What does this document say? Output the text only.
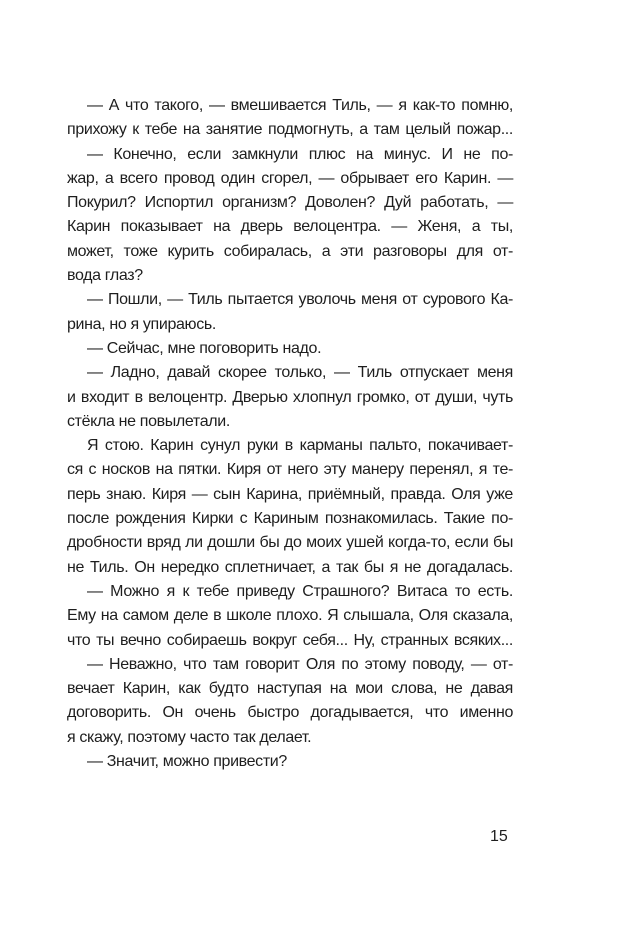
— А что такого, — вмешивается Тиль, — я как-то помню,
прихожу к тебе на занятие подмогнуть, а там целый пожар...
— Конечно, если замкнули плюс на минус. И не по-
жар, а всего провод один сгорел, — обрывает его Карин. —
Покурил? Испортил организм? Доволен? Дуй работать, —
Карин показывает на дверь велоцентра. — Женя, а ты,
может, тоже курить собиралась, а эти разговоры для от-
вода глаз?
— Пошли, — Тиль пытается уволочь меня от сурового Ка-
рина, но я упираюсь.
— Сейчас, мне поговорить надо.
— Ладно, давай скорее только, — Тиль отпускает меня
и входит в велоцентр. Дверью хлопнул громко, от души, чуть
стёкла не повылетали.
Я стою. Карин сунул руки в карманы пальто, покачивает-
ся с носков на пятки. Киря от него эту манеру перенял, я те-
перь знаю. Киря — сын Карина, приёмный, правда. Оля уже
после рождения Кирки с Кариным познакомилась. Такие по-
дробности вряд ли дошли бы до моих ушей когда-то, если бы
не Тиль. Он нередко сплетничает, а так бы я не догадалась.
— Можно я к тебе приведу Страшного? Витаса то есть.
Ему на самом деле в школе плохо. Я слышала, Оля сказала,
что ты вечно собираешь вокруг себя... Ну, странных всяких...
— Неважно, что там говорит Оля по этому поводу, — от-
вечает Карин, как будто наступая на мои слова, не давая
договорить. Он очень быстро догадывается, что именно
я скажу, поэтому часто так делает.
— Значит, можно привести?
15
